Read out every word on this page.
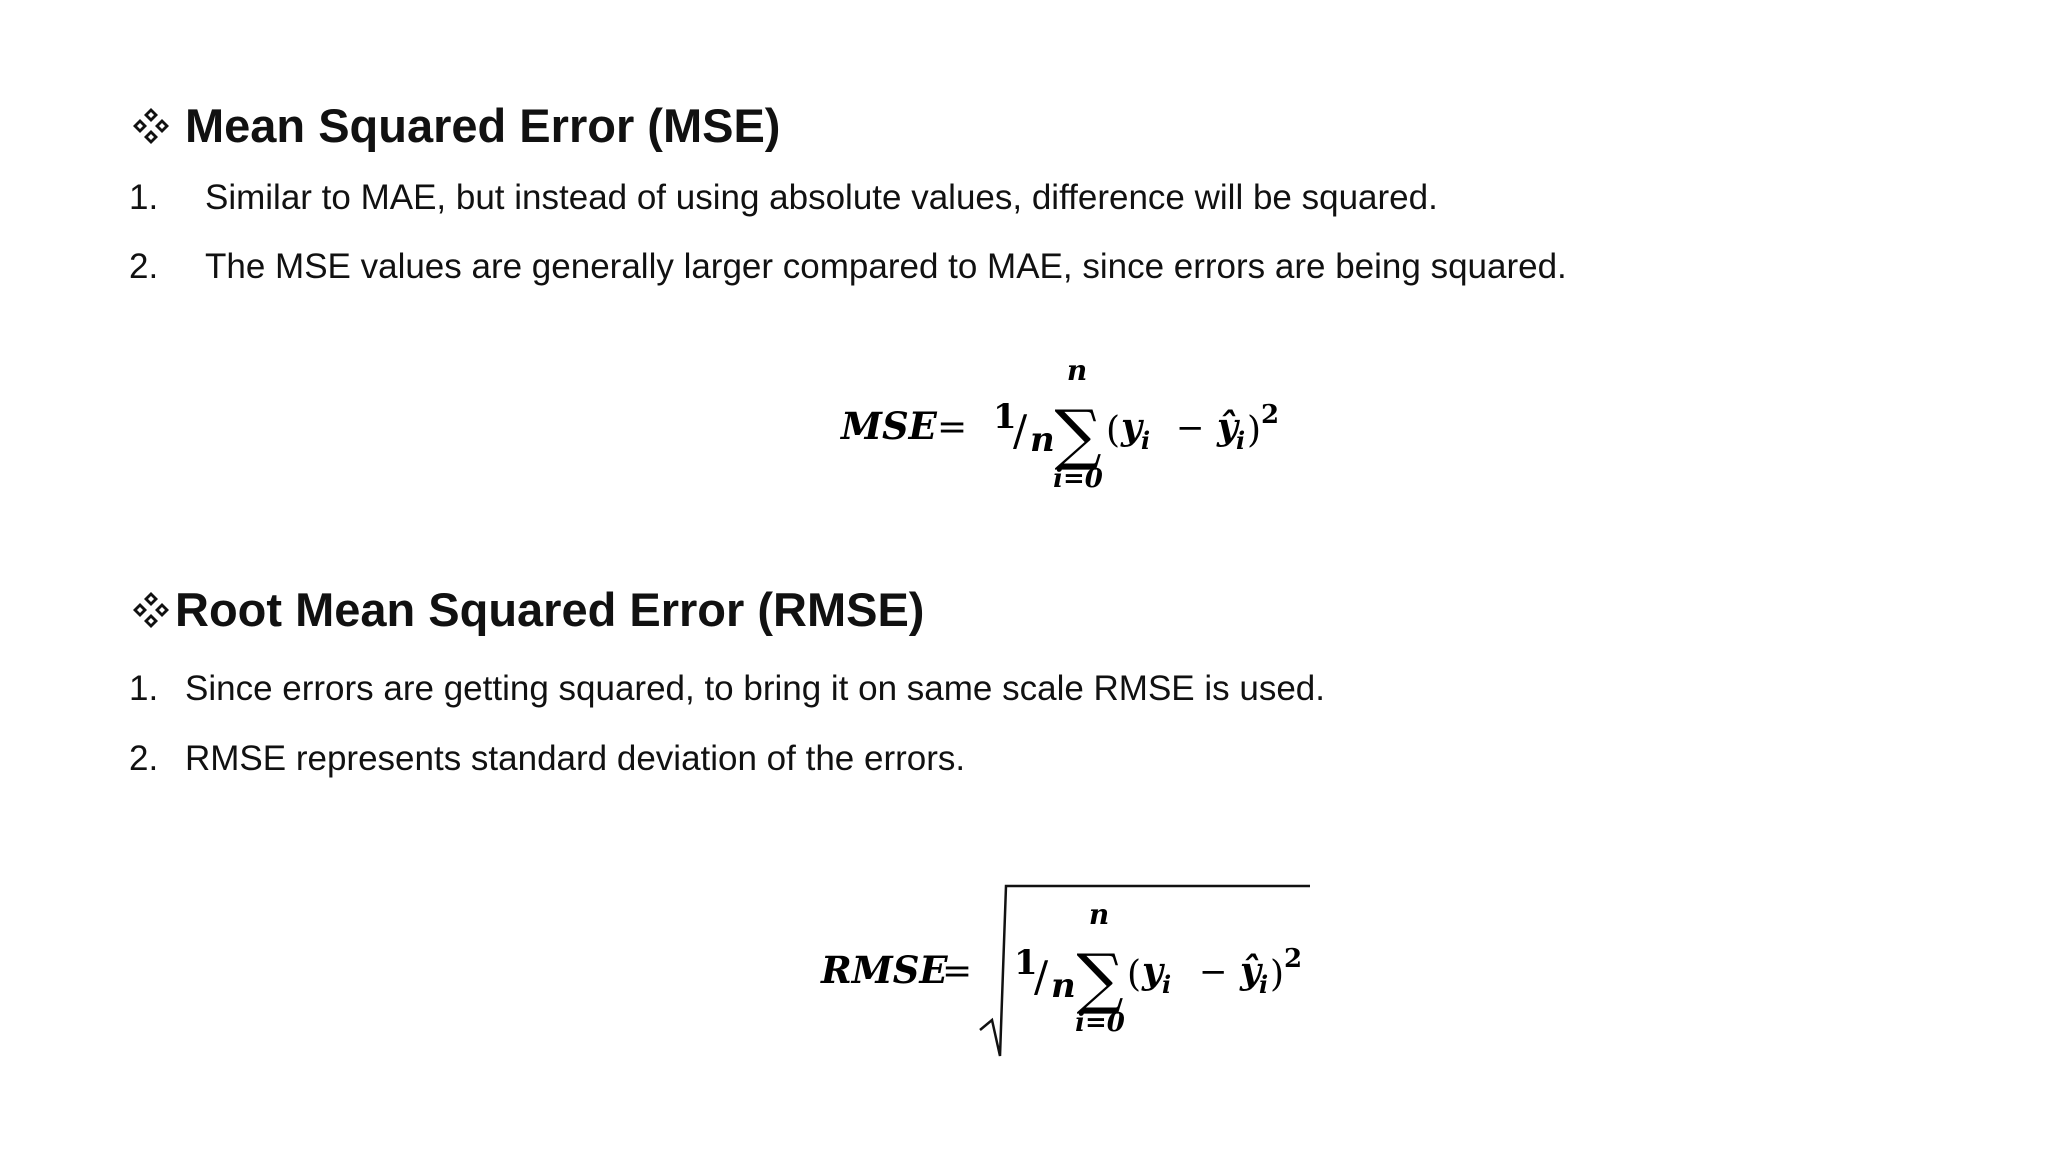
Mean Squared Error (MSE)
1. Similar to MAE, but instead of using absolute values, difference will be squared.
2. The MSE values are generally larger compared to MAE, since errors are being squared.
MSE = 1
/ n
n
∑
i=0
( y i − ŷ
i ) 2
Root Mean Squared Error (RMSE)
1. Since errors are getting squared, to bring it on same scale RMSE is used.
2. RMSE represents standard deviation of the errors.
RMSE
= 1
/ n
n
∑
i=0
( y i − ŷ
i ) 2
